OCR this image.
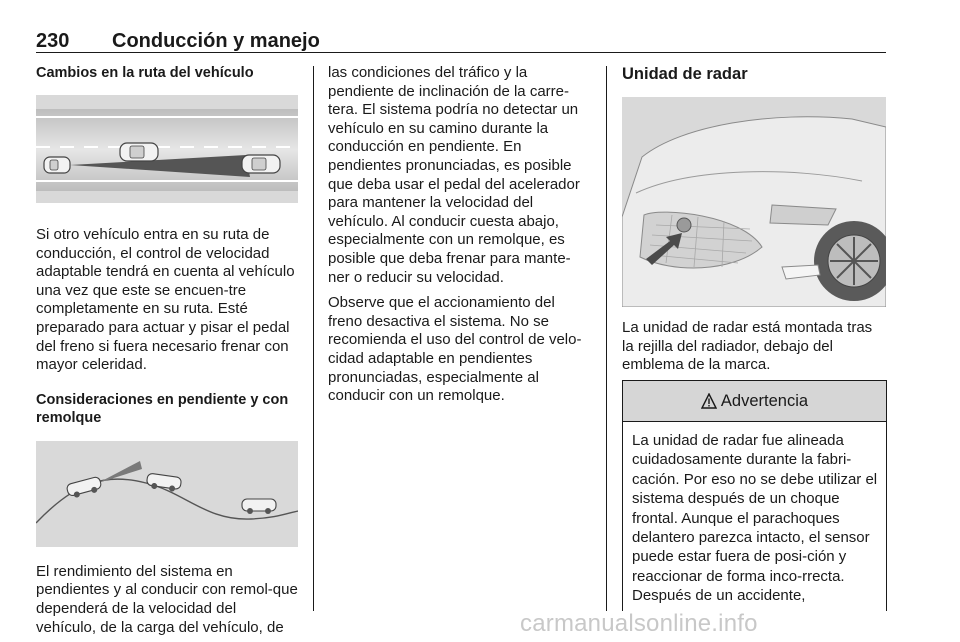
230 Conducción y manejo

Cambios en la ruta del vehículo

Si otro vehículo entra en su ruta de conducción, el control de velocidad adaptable tendrá en cuenta al vehículo una vez que este se encuen-tre completamente en su ruta. Esté preparado para actuar y pisar el pedal del freno si fuera necesario frenar con mayor celeridad.

Consideraciones en pendiente y con remolque

El rendimiento del sistema en pendientes y al conducir con remol-que dependerá de la velocidad del vehículo, de la carga del vehículo, de

las condiciones del tráfico y la pendiente de inclinación de la carre-tera. El sistema podría no detectar un vehículo en su camino durante la conducción en pendiente. En pendientes pronunciadas, es posible que deba usar el pedal del acelerador para mantener la velocidad del vehículo. Al conducir cuesta abajo, especialmente con un remolque, es posible que deba frenar para mante-ner o reducir su velocidad.

Observe que el accionamiento del freno desactiva el sistema. No se recomienda el uso del control de velo-cidad adaptable en pendientes pronunciadas, especialmente al conducir con un remolque.

Unidad de radar

La unidad de radar está montada tras la rejilla del radiador, debajo del emblema de la marca.

Advertencia
La unidad de radar fue alineada cuidadosamente durante la fabri-cación. Por eso no se debe utilizar el sistema después de un choque frontal. Aunque el parachoques delantero parezca intacto, el sensor puede estar fuera de posi-ción y reaccionar de forma inco-rrecta. Después de un accidente,
carmanualsonline.info
